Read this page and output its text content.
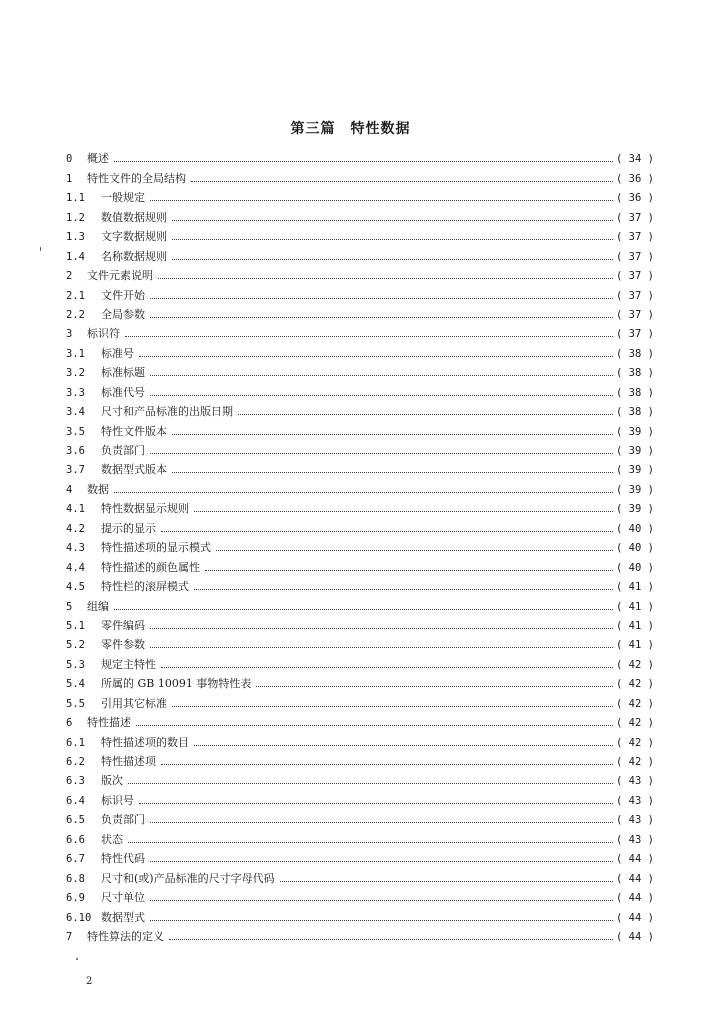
第三篇　特性数据
0	概述	( 34 )
1	特性文件的全局结构	( 36 )
1.1	一般规定	( 36 )
1.2	数值数据规则	( 37 )
1.3	文字数据规则	( 37 )
1.4	名称数据规则	( 37 )
2	文件元素说明	( 37 )
2.1	文件开始	( 37 )
2.2	全局参数	( 37 )
3	标识符	( 37 )
3.1	标准号	( 38 )
3.2	标准标题	( 38 )
3.3	标准代号	( 38 )
3.4	尺寸和产品标准的出版日期	( 38 )
3.5	特性文件版本	( 39 )
3.6	负责部门	( 39 )
3.7	数据型式版本	( 39 )
4	数据	( 39 )
4.1	特性数据显示规则	( 39 )
4.2	提示的显示	( 40 )
4.3	特性描述项的显示模式	( 40 )
4.4	特性描述的颜色属性	( 40 )
4.5	特性栏的滚屏模式	( 41 )
5	组编	( 41 )
5.1	零件编码	( 41 )
5.2	零件参数	( 41 )
5.3	规定主特性	( 42 )
5.4	所属的 GB 10091 事物特性表	( 42 )
5.5	引用其它标准	( 42 )
6	特性描述	( 42 )
6.1	特性描述项的数目	( 42 )
6.2	特性描述项	( 42 )
6.3	版次	( 43 )
6.4	标识号	( 43 )
6.5	负责部门	( 43 )
6.6	状态	( 43 )
6.7	特性代码	( 44 )
6.8	尺寸和(或)产品标准的尺寸字母代码	( 44 )
6.9	尺寸单位	( 44 )
6.10 数据型式	( 44 )
7	特性算法的定义	( 44 )
2
